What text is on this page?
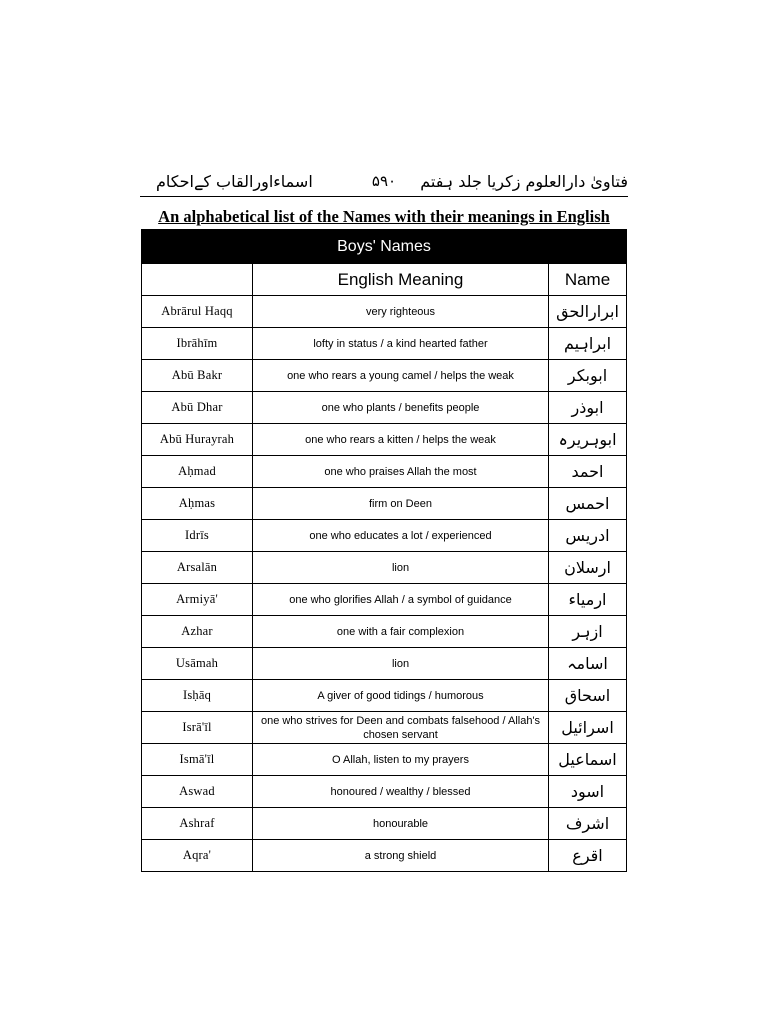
اسماءاورالقاب کےاحکام	۵۹۰	فتاویٰ دارالعلوم زکریا جلد ہفتم
An alphabetical list of the Names with their meanings in English
Boys' Names		
	English Meaning	Name
Abrārul Haqq	very righteous	ابرارالحق
Ibrāhīm	lofty in status / a kind hearted father	ابراہیم
Abū Bakr	one who rears a young camel / helps the weak	ابوبکر
Abū Dhar	one who plants / benefits people	ابوذر
Abū Hurayrah	one who rears a kitten / helps the weak	ابوہریرہ
Aḥmad	one who praises Allah the most	احمد
Aḥmas	firm on Deen	احمس
Idrīs	one who educates a lot / experienced	ادریس
Arsalān	lion	ارسلان
Armiyā'	one who glorifies Allah / a symbol of guidance	ارمیاء
Azhar	one with a fair complexion	ازہر
Usāmah	lion	اسامہ
Isḥāq	A giver of good tidings / humorous	اسحاق
Isrā'īl	one who strives for Deen and combats falsehood / Allah's chosen servant	اسرائیل
Ismā'īl	O Allah, listen to my prayers	اسماعیل
Aswad	honoured / wealthy / blessed	اسود
Ashraf	honourable	اشرف
Aqra'	a strong shield	اقرع
